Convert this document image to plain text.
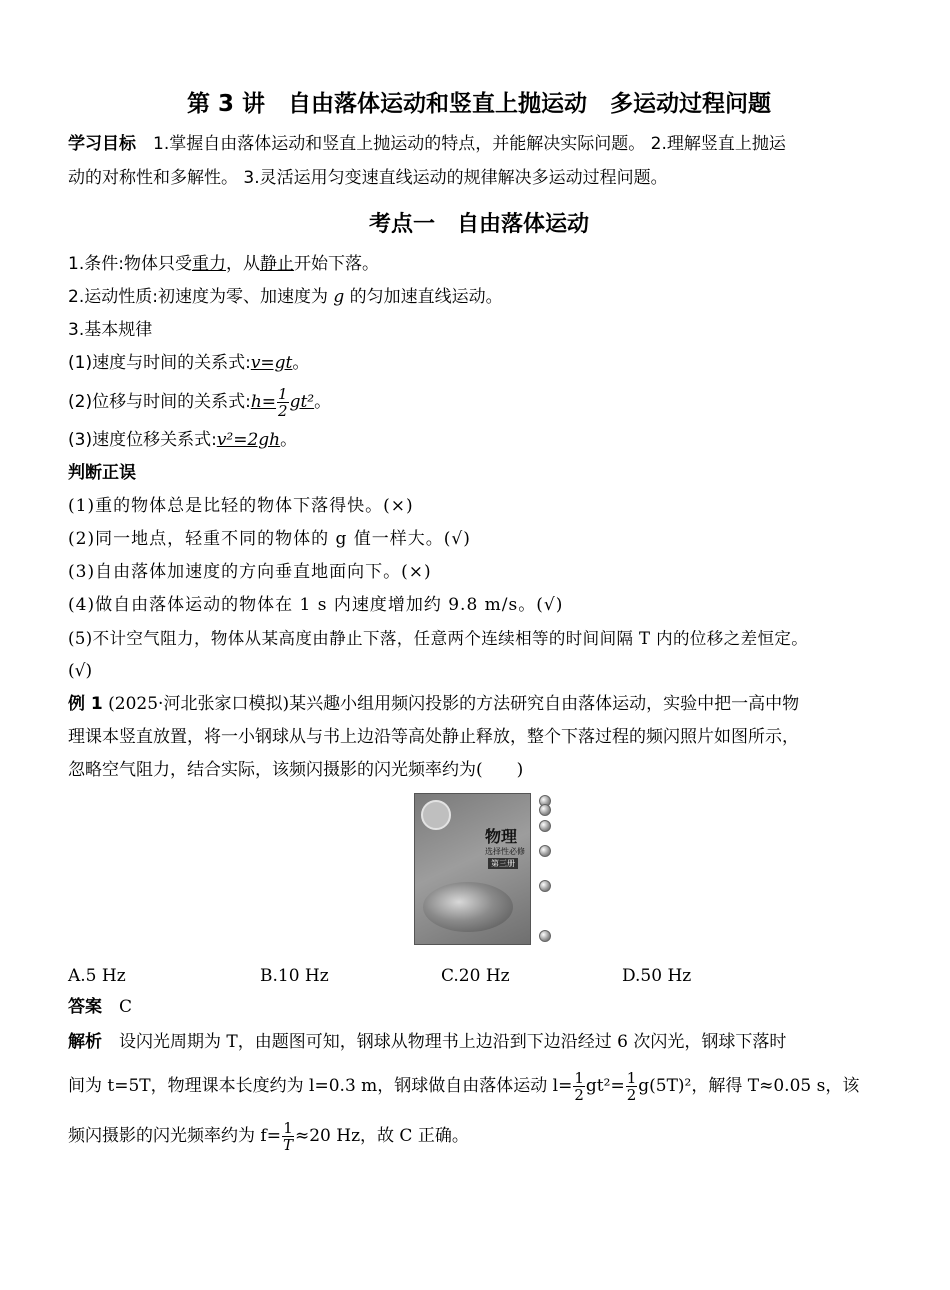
第 3 讲　自由落体运动和竖直上抛运动　多运动过程问题
学习目标　 1.掌握自由落体运动和竖直上抛运动的特点，并能解决实际问题。 2.理解竖直上抛运
动的对称性和多解性。 3.灵活运用匀变速直线运动的规律解决多运动过程问题。
考点一　自由落体运动

1.条件:物体只受重力，从静止开始下落。

2.运动性质:初速度为零、加速度为 g 的匀加速直线运动。

3.基本规律

(1)速度与时间的关系式:v=gt。

(2)位移与时间的关系式:h= $\frac{1}{2} gt^2$。

(3)速度位移关系式:v²=2gh。

判断正误

(1)重的物体总是比轻的物体下落得快。(×)

(2)同一地点，轻重不同的物体的 g 值一样大。(√)

(3)自由落体加速度的方向垂直地面向下。(×)

(4)做自由落体运动的物体在 1 s 内速度增加约 9.8 m/s。(√)

(5)不计空气阻力，物体从某高度由静止下落，任意两个连续相等的时间间隔 T 内的位移之差恒定。

(√)

例 1 (2025·河北张家口模拟)某兴趣小组用频闪投影的方法研究自由落体运动，实验中把一高中物

理课本竖直放置，将一小钢球从与书上边沿等高处静止释放，整个下落过程的频闪照片如图所示，

忽略空气阻力，结合实际，该频闪摄影的闪光频率约为(　　)

物理
选择性必修
第三册
A.5 Hz	B.10 Hz	C.20 Hz	D.50 Hz

答案　 C

解析　 设闪光周期为 T，由题图可知，钢球从物理书上边沿到下边沿经过 6 次闪光，钢球下落时

间为 t=5T，物理课本长度约为 l=0.3 m，钢球做自由落体运动 $l= \frac{1}{2} gt^2= \frac{1}{2} g(5T)^2$，解得 T≈0.05 s，该

频闪摄影的闪光频率约为 $f= \frac{1}{T} \approx 20$ Hz，故 C 正确。
